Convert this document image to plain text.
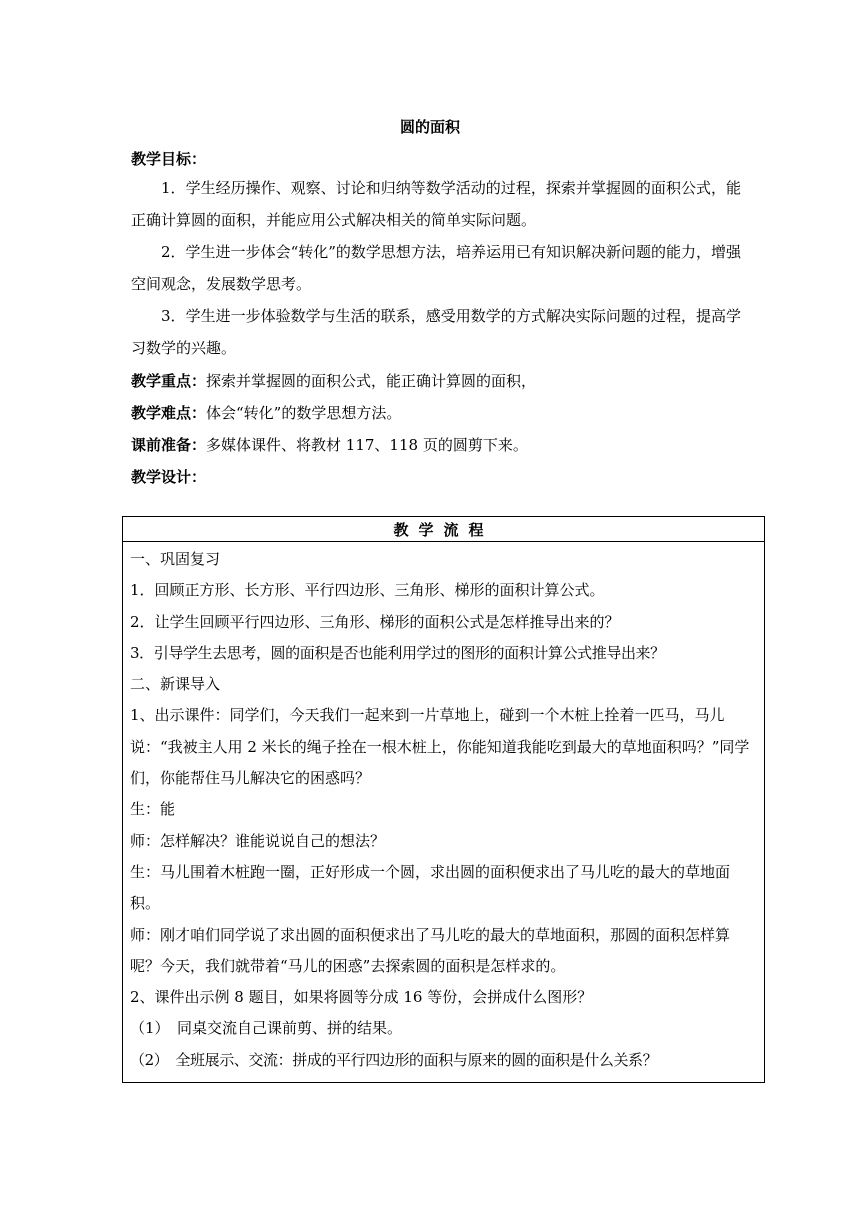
圆的面积
教学目标：
1．学生经历操作、观察、讨论和归纳等数学活动的过程，探索并掌握圆的面积公式，能正确计算圆的面积，并能应用公式解决相关的简单实际问题。
2．学生进一步体会“转化”的数学思想方法，培养运用已有知识解决新问题的能力，增强空间观念，发展数学思考。
3．学生进一步体验数学与生活的联系，感受用数学的方式解决实际问题的过程，提高学习数学的兴趣。
教学重点：探索并掌握圆的面积公式，能正确计算圆的面积，
教学难点：体会“转化”的数学思想方法。
课前准备：多媒体课件、将教材 117、118 页的圆剪下来。
教学设计：
教学流程

一、巩固复习
1．回顾正方形、长方形、平行四边形、三角形、梯形的面积计算公式。
2．让学生回顾平行四边形、三角形、梯形的面积公式是怎样推导出来的？
3．引导学生去思考，圆的面积是否也能利用学过的图形的面积计算公式推导出来？
二、新课导入
1、出示课件：同学们，今天我们一起来到一片草地上，碰到一个木桩上拴着一匹马，马儿说：“我被主人用 2 米长的绳子拴在一根木桩上，你能知道我能吃到最大的草地面积吗？”同学们，你能帮住马儿解决它的困惑吗？
生：能
师：怎样解决？谁能说说自己的想法？
生：马儿围着木桩跑一圈，正好形成一个圆，求出圆的面积便求出了马儿吃的最大的草地面积。
师：刚才咱们同学说了求出圆的面积便求出了马儿吃的最大的草地面积，那圆的面积怎样算呢？今天，我们就带着“马儿的困惑”去探索圆的面积是怎样求的。
2、课件出示例 8 题目，如果将圆等分成 16 等份，会拼成什么图形？
（1）　同桌交流自己课前剪、拼的结果。
（2）　全班展示、交流：拼成的平行四边形的面积与原来的圆的面积是什么关系？
